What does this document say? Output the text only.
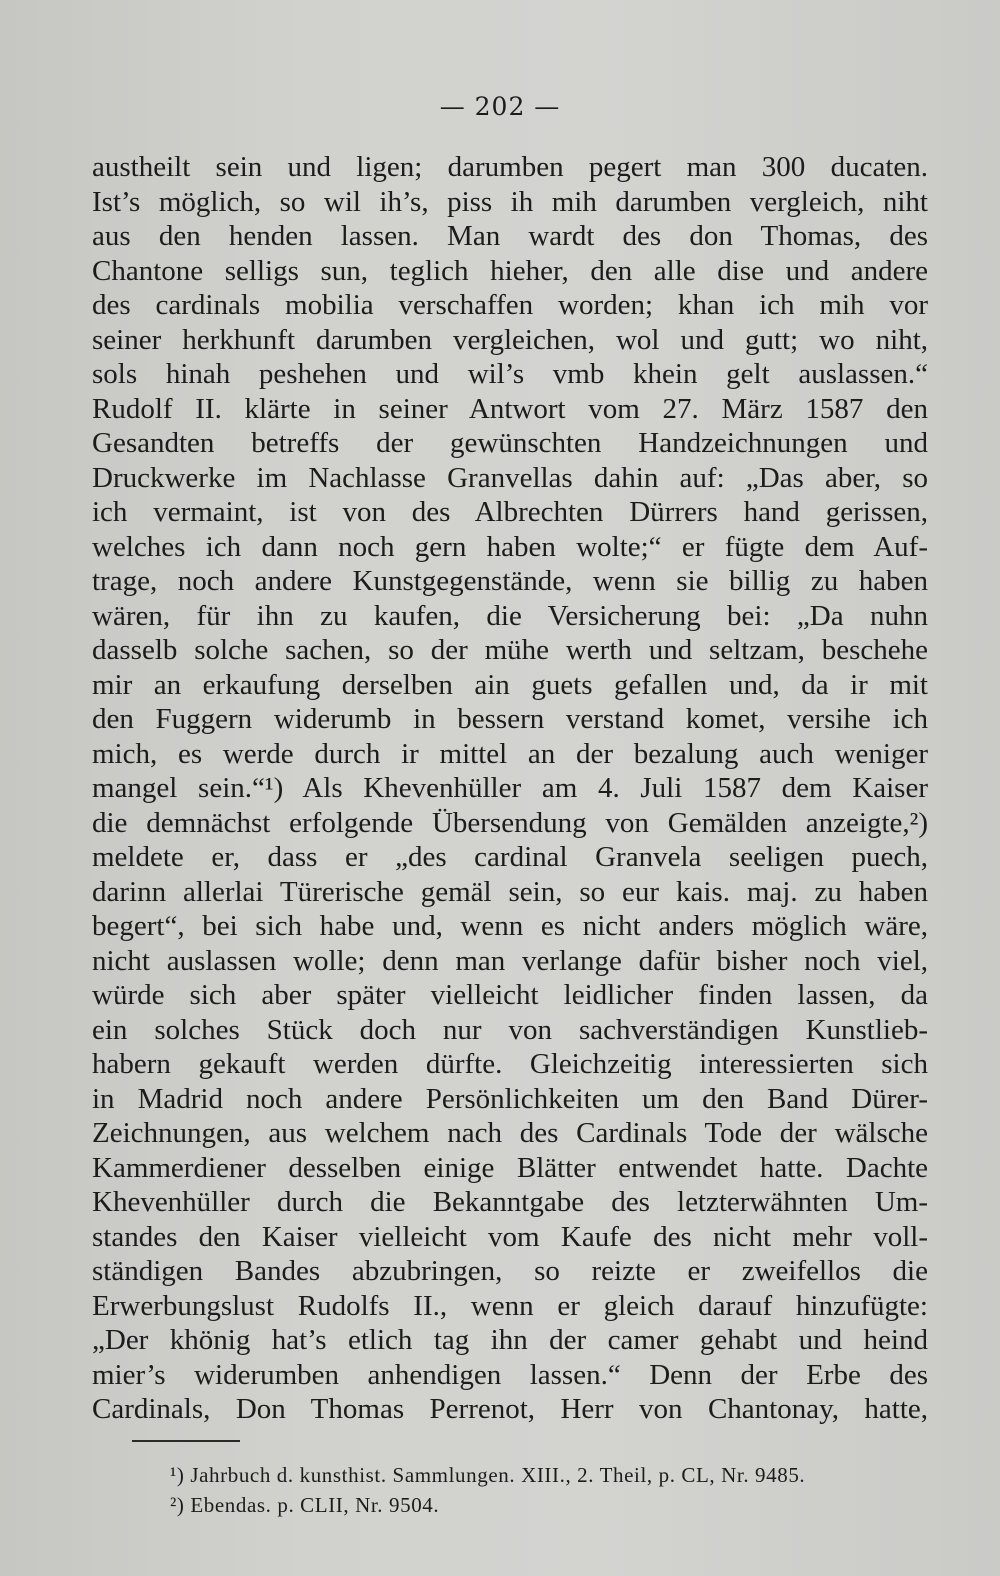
— 202 —
austheilt sein und ligen; darumben pegert man 300 ducaten.
Ist’s möglich, so wil ih’s, piss ih mih darumben vergleich, niht
aus den henden lassen. Man wardt des don Thomas, des
Chantone selligs sun, teglich hieher, den alle dise und andere
des cardinals mobilia verschaffen worden; khan ich mih vor
seiner herkhunft darumben vergleichen, wol und gutt; wo niht,
sols hinah peshehen und wil’s vmb khein gelt auslassen.“
Rudolf II. klärte in seiner Antwort vom 27. März 1587 den
Gesandten betreffs der gewünschten Handzeichnungen und
Druckwerke im Nachlasse Granvellas dahin auf: „Das aber, so
ich vermaint, ist von des Albrechten Dürrers hand gerissen,
welches ich dann noch gern haben wolte;“ er fügte dem Auf-
trage, noch andere Kunstgegenstände, wenn sie billig zu haben
wären, für ihn zu kaufen, die Versicherung bei: „Da nuhn
dasselb solche sachen, so der mühe werth und seltzam, beschehe
mir an erkaufung derselben ain guets gefallen und, da ir mit
den Fuggern widerumb in bessern verstand komet, versihe ich
mich, es werde durch ir mittel an der bezalung auch weniger
mangel sein.“¹) Als Khevenhüller am 4. Juli 1587 dem Kaiser
die demnächst erfolgende Übersendung von Gemälden anzeigte,²)
meldete er, dass er „des cardinal Granvela seeligen puech,
darinn allerlai Türerische gemäl sein, so eur kais. maj. zu haben
begert“, bei sich habe und, wenn es nicht anders möglich wäre,
nicht auslassen wolle; denn man verlange dafür bisher noch viel,
würde sich aber später vielleicht leidlicher finden lassen, da
ein solches Stück doch nur von sachverständigen Kunstlieb-
habern gekauft werden dürfte. Gleichzeitig interessierten sich
in Madrid noch andere Persönlichkeiten um den Band Dürer-
Zeichnungen, aus welchem nach des Cardinals Tode der wälsche
Kammerdiener desselben einige Blätter entwendet hatte. Dachte
Khevenhüller durch die Bekanntgabe des letzterwähnten Um-
standes den Kaiser vielleicht vom Kaufe des nicht mehr voll-
ständigen Bandes abzubringen, so reizte er zweifellos die
Erwerbungslust Rudolfs II., wenn er gleich darauf hinzufügte:
„Der khönig hat’s etlich tag ihn der camer gehabt und heind
mier’s widerumben anhendigen lassen.“ Denn der Erbe des
Cardinals, Don Thomas Perrenot, Herr von Chantonay, hatte,
¹) Jahrbuch d. kunsthist. Sammlungen. XIII., 2. Theil, p. CL, Nr. 9485.
²) Ebendas. p. CLII, Nr. 9504.
